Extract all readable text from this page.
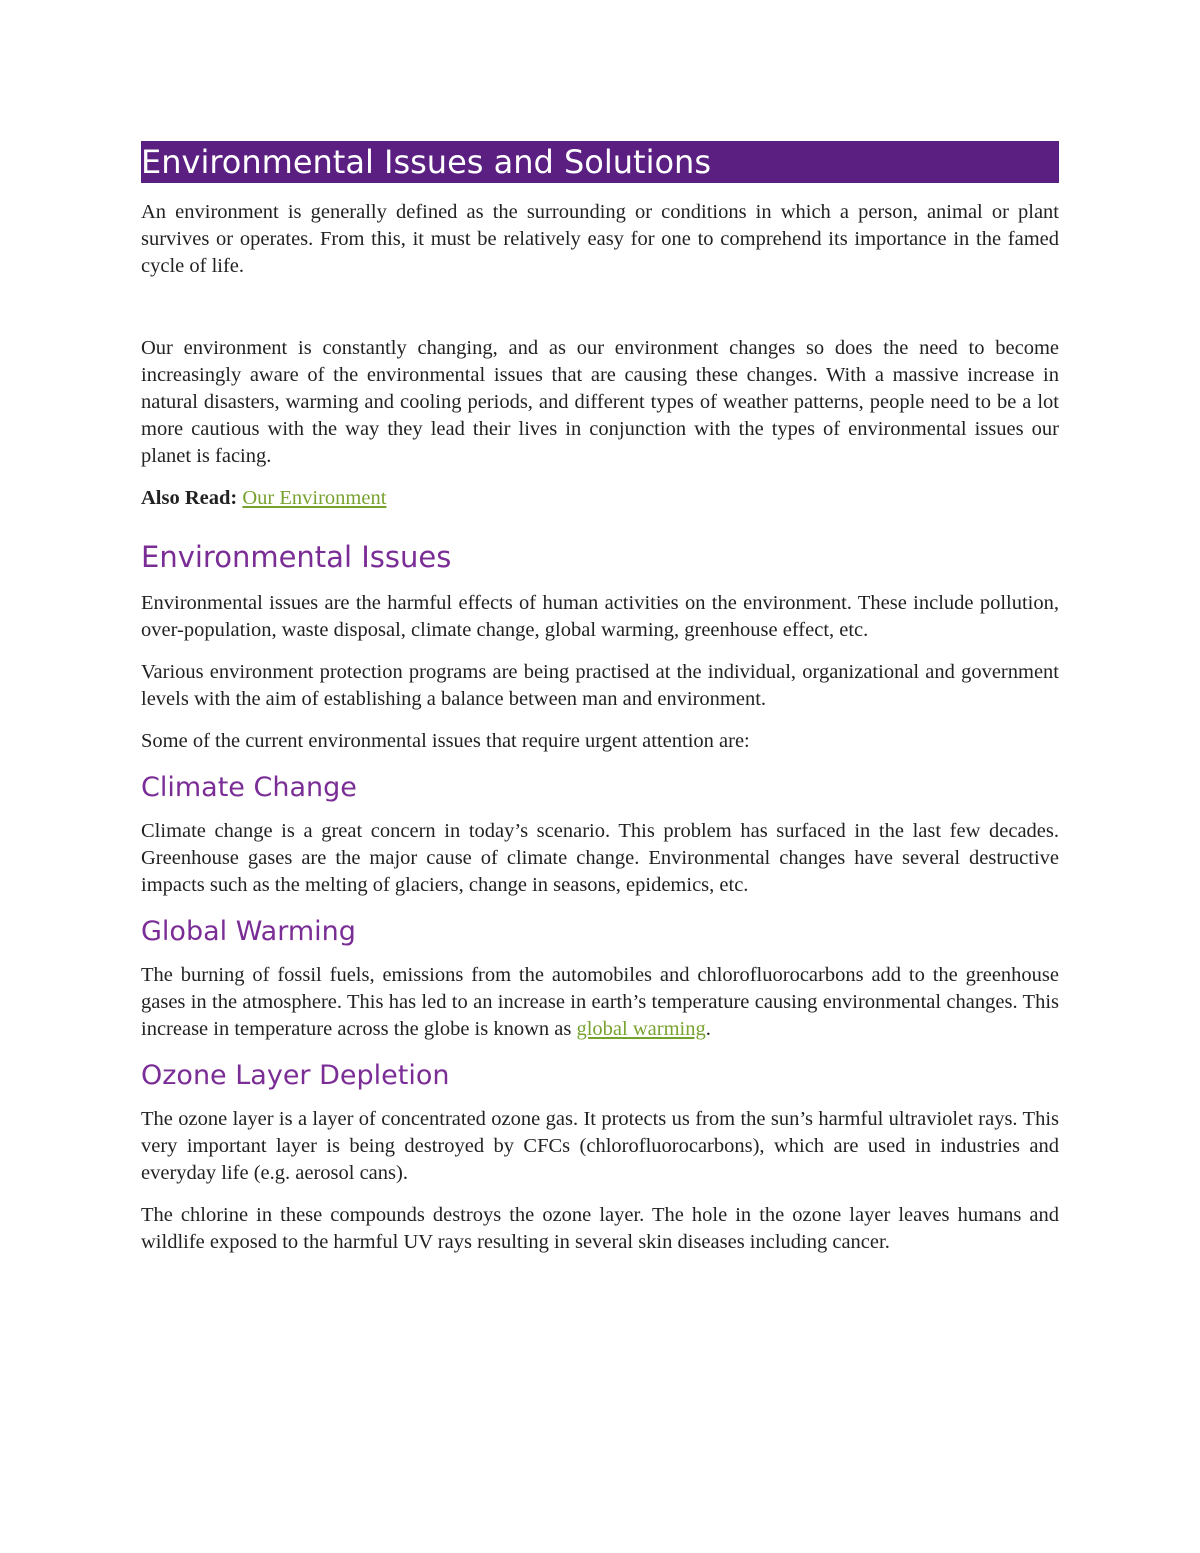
Environmental Issues and Solutions

An environment is generally defined as the surrounding or conditions in which a person, animal or plant survives or operates. From this, it must be relatively easy for one to comprehend its importance in the famed cycle of life.

Our environment is constantly changing, and as our environment changes so does the need to become increasingly aware of the environmental issues that are causing these changes. With a massive increase in natural disasters, warming and cooling periods, and different types of weather patterns, people need to be a lot more cautious with the way they lead their lives in conjunction with the types of environmental issues our planet is facing.

Also Read: Our Environment

Environmental Issues

Environmental issues are the harmful effects of human activities on the environment. These include pollution, over-population, waste disposal, climate change, global warming, greenhouse effect, etc.

Various environment protection programs are being practised at the individual, organizational and government levels with the aim of establishing a balance between man and environment.

Some of the current environmental issues that require urgent attention are:

Climate Change

Climate change is a great concern in today’s scenario. This problem has surfaced in the last few decades. Greenhouse gases are the major cause of climate change. Environmental changes have several destructive impacts such as the melting of glaciers, change in seasons, epidemics, etc.

Global Warming

The burning of fossil fuels, emissions from the automobiles and chlorofluorocarbons add to the greenhouse gases in the atmosphere. This has led to an increase in earth’s temperature causing environmental changes. This increase in temperature across the globe is known as global warming.

Ozone Layer Depletion

The ozone layer is a layer of concentrated ozone gas. It protects us from the sun’s harmful ultraviolet rays. This very important layer is being destroyed by CFCs (chlorofluorocarbons), which are used in industries and everyday life (e.g. aerosol cans).

The chlorine in these compounds destroys the ozone layer. The hole in the ozone layer leaves humans and wildlife exposed to the harmful UV rays resulting in several skin diseases including cancer.
